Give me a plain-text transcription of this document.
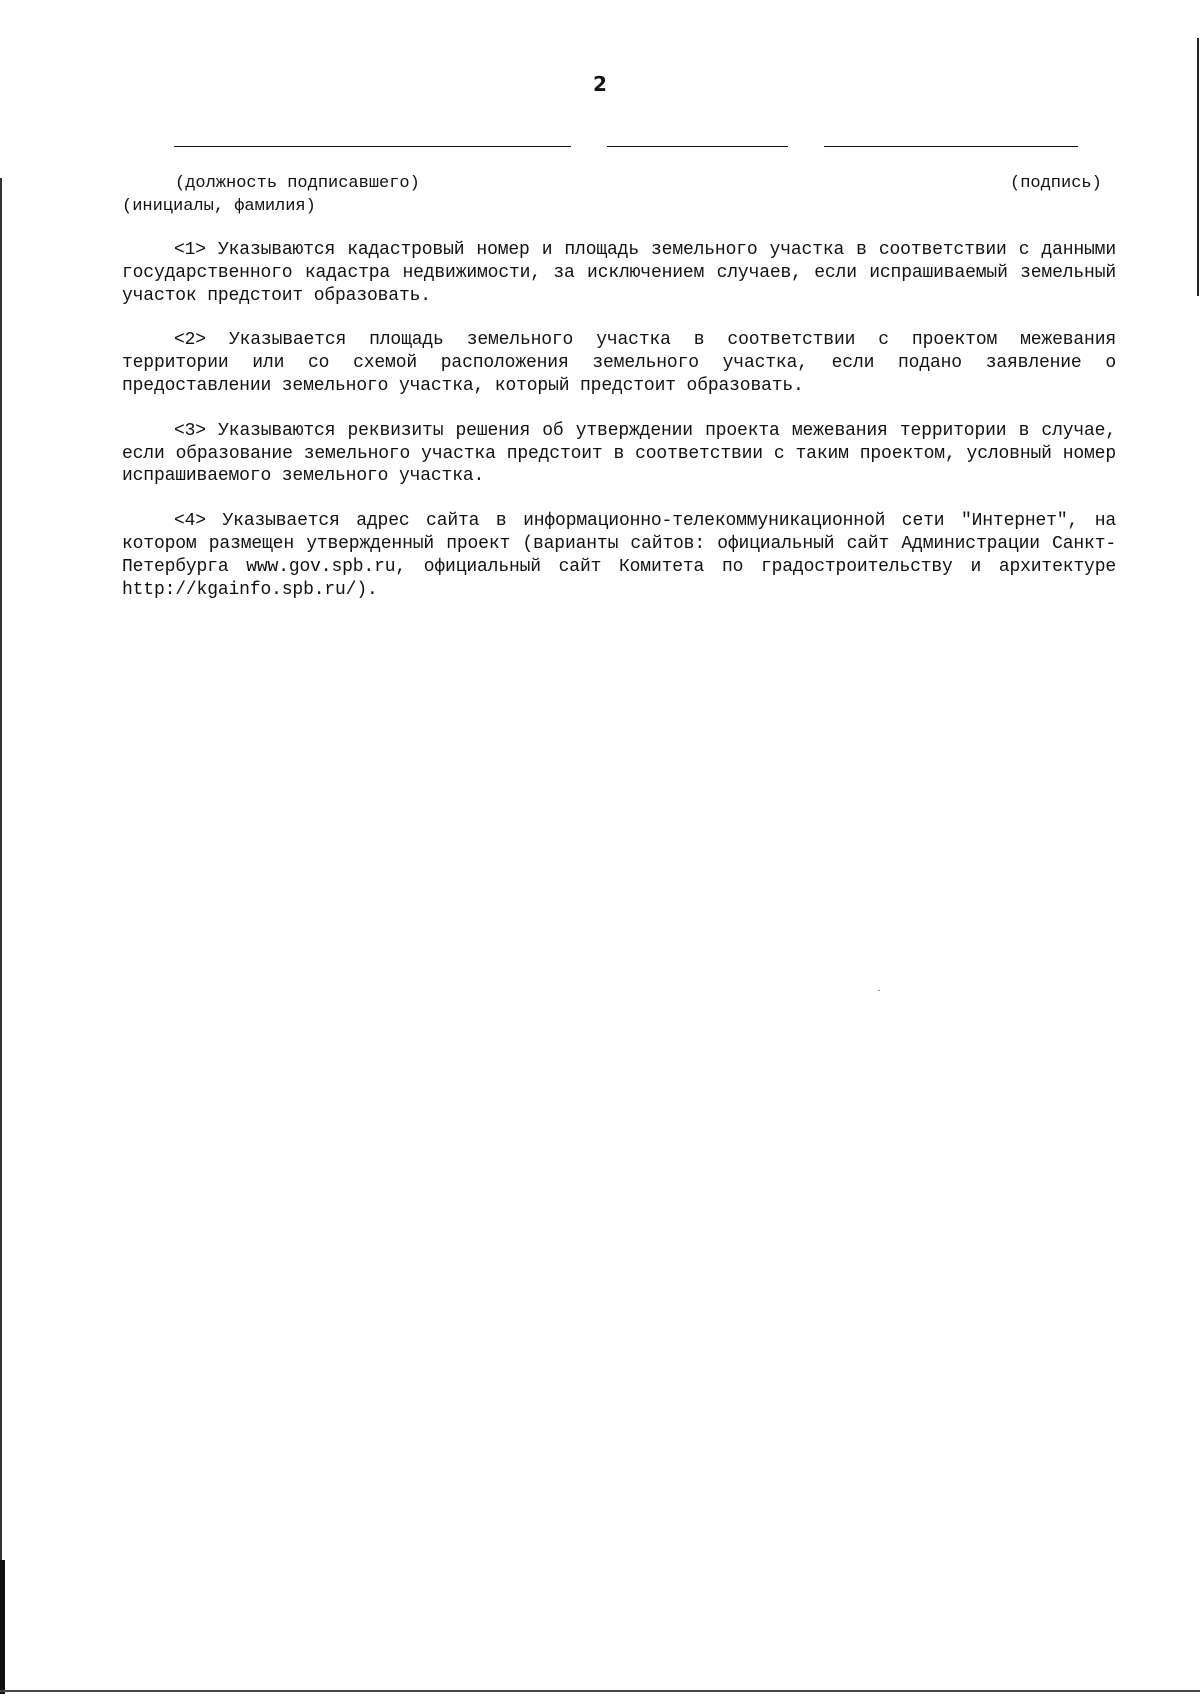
2
(должность подписавшего)	(подпись)
(инициалы, фамилия)

<1> Указываются кадастровый номер и площадь земельного участка в соответствии с данными государственного кадастра недвижимости, за исключением случаев, если испрашиваемый земельный участок предстоит образовать.

<2> Указывается площадь земельного участка в соответствии с проектом межевания территории или со схемой расположения земельного участка, если подано заявление о предоставлении земельного участка, который предстоит образовать.

<3> Указываются реквизиты решения об утверждении проекта межевания территории в случае, если образование земельного участка предстоит в соответствии с таким проектом, условный номер испрашиваемого земельного участка.

<4> Указывается адрес сайта в информационно-телекоммуникационной сети "Интернет", на котором размещен утвержденный проект (варианты сайтов: официальный сайт Администрации Санкт-Петербурга www.gov.spb.ru, официальный сайт Комитета по градостроительству и архитектуре http://kgainfo.spb.ru/).
